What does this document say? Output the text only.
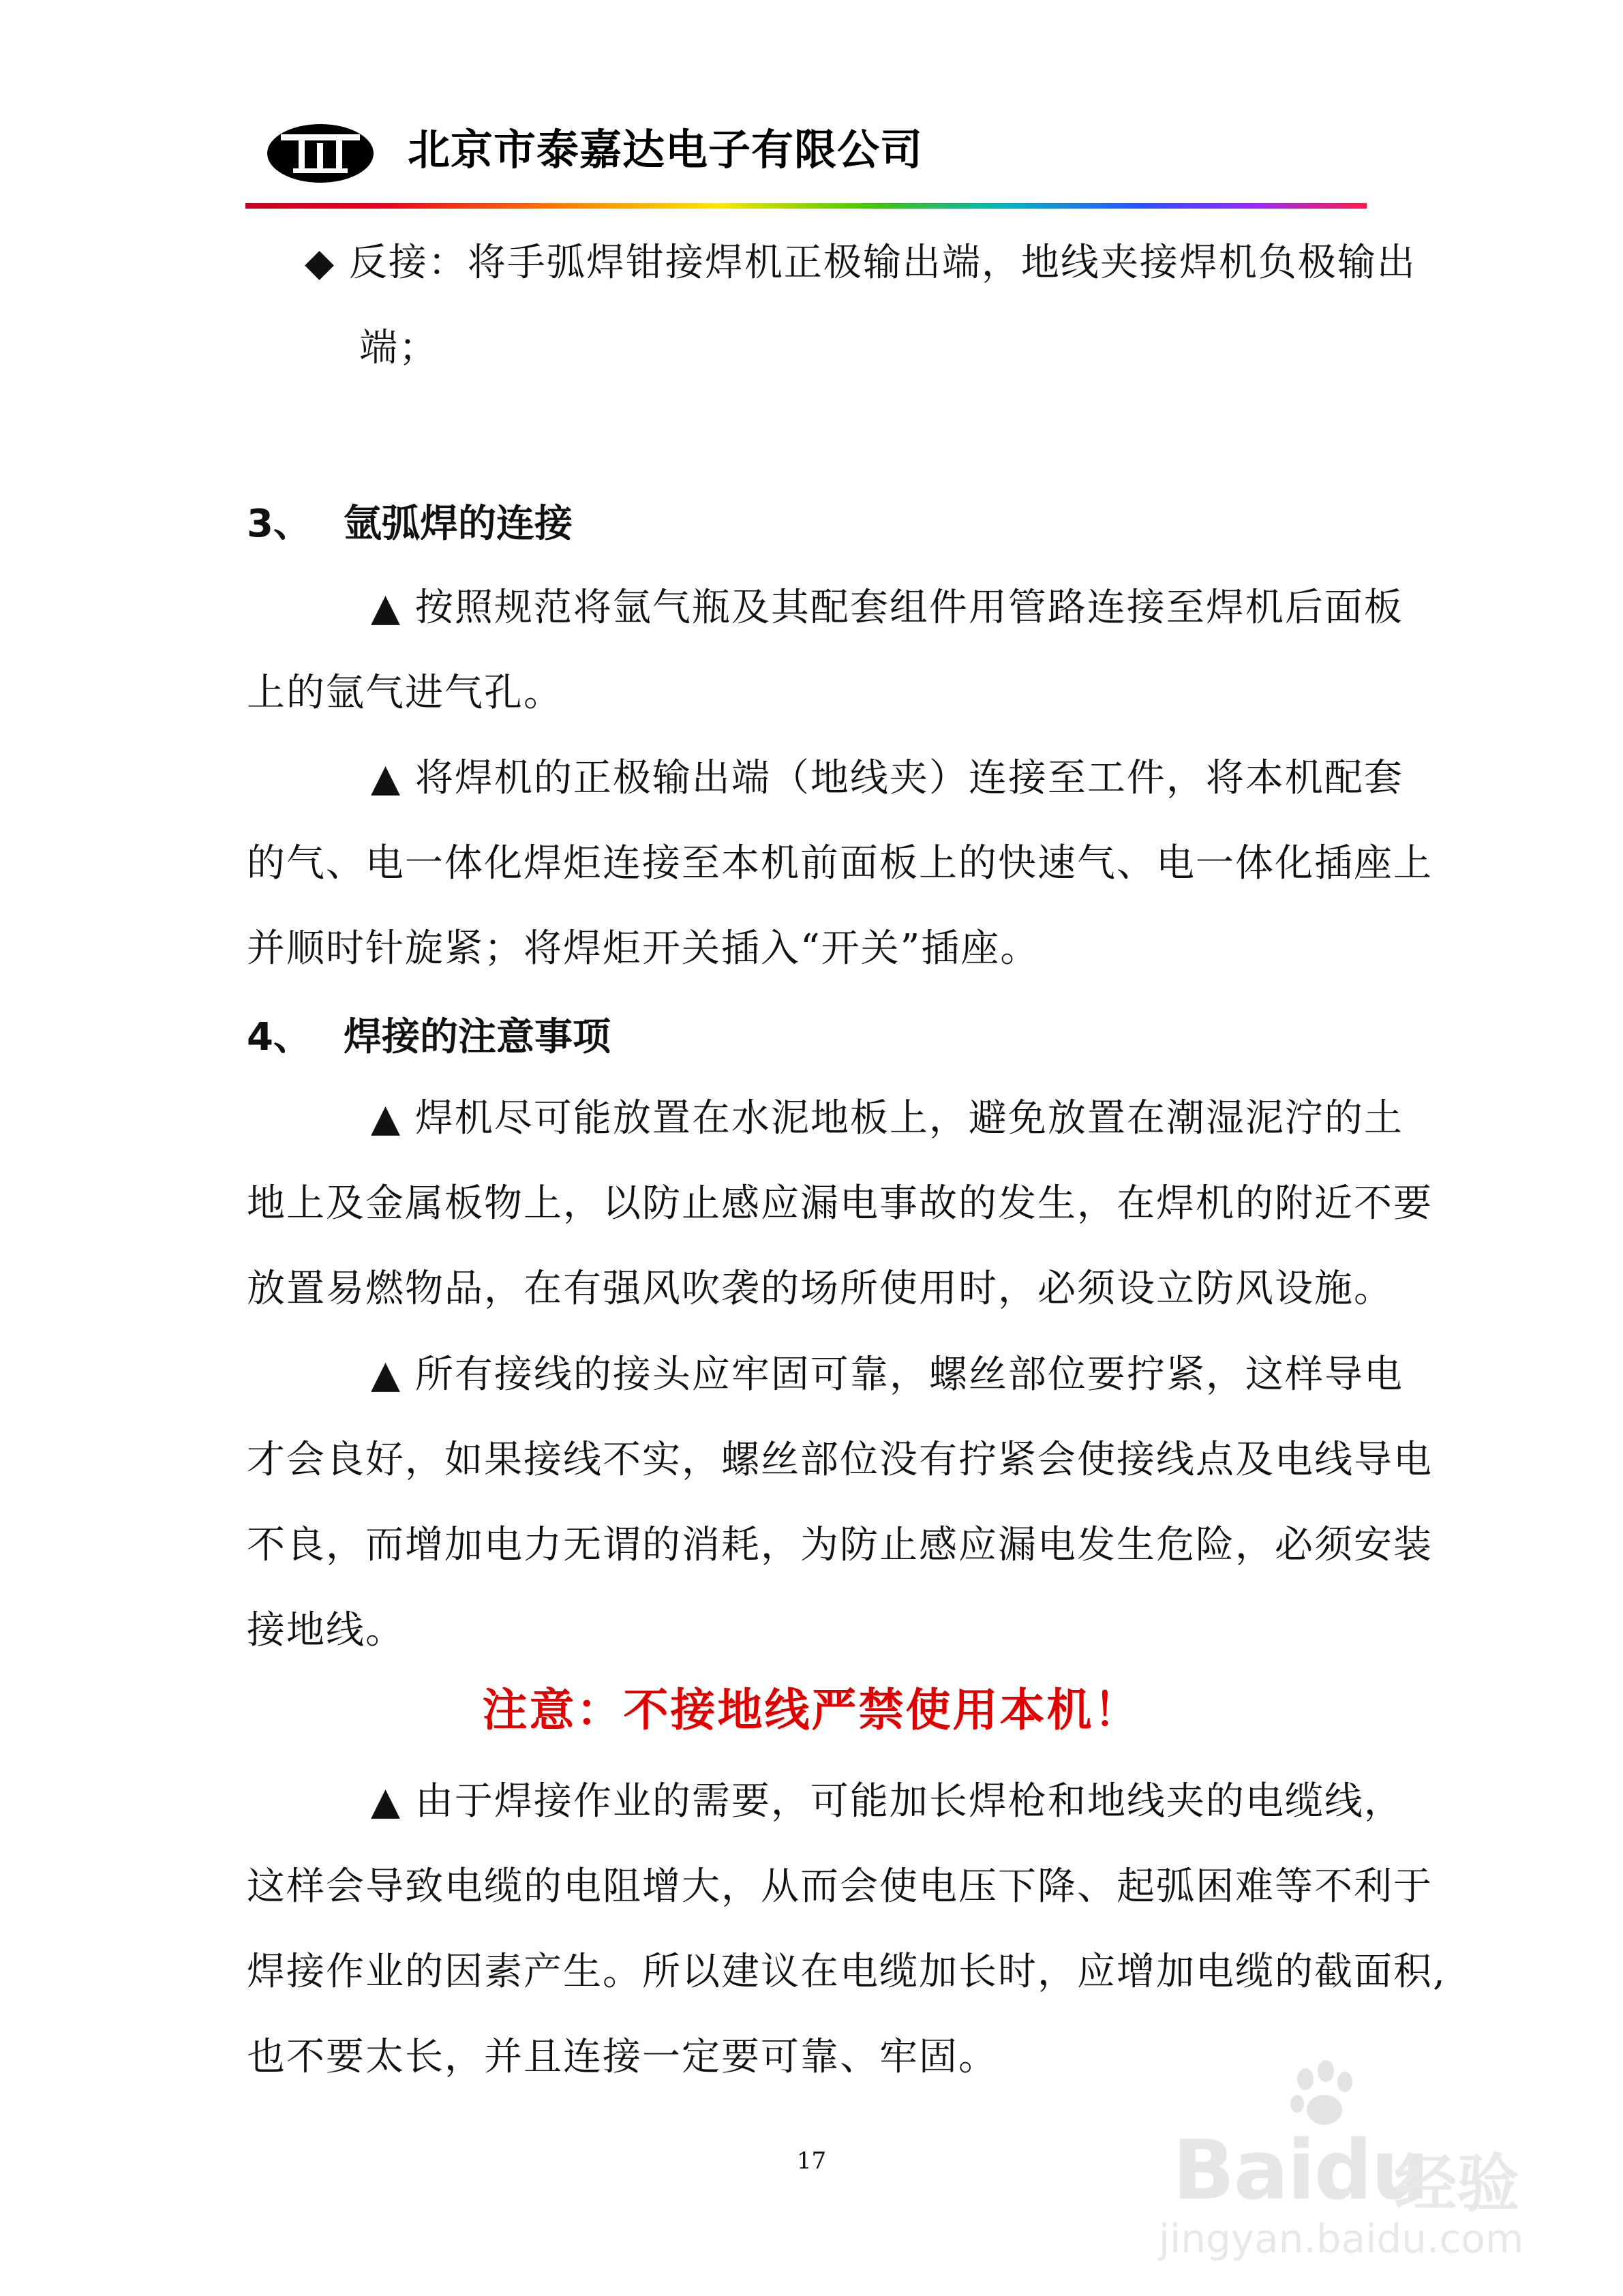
北京市泰嘉达电子有限公司
◆ 反接：将手弧焊钳接焊机正极输出端，地线夹接焊机负极输出
端；
3、 氩弧焊的连接
▲ 按照规范将氩气瓶及其配套组件用管路连接至焊机后面板
上的氩气进气孔。
▲ 将焊机的正极输出端（地线夹）连接至工件，将本机配套
的气、电一体化焊炬连接至本机前面板上的快速气、电一体化插座上
并顺时针旋紧；将焊炬开关插入“开关”插座。
4、 焊接的注意事项
▲ 焊机尽可能放置在水泥地板上，避免放置在潮湿泥泞的土
地上及金属板物上，以防止感应漏电事故的发生，在焊机的附近不要
放置易燃物品，在有强风吹袭的场所使用时，必须设立防风设施。
▲ 所有接线的接头应牢固可靠，螺丝部位要拧紧，这样导电
才会良好，如果接线不实，螺丝部位没有拧紧会使接线点及电线导电
不良，而增加电力无谓的消耗，为防止感应漏电发生危险，必须安装
接地线。
注意：不接地线严禁使用本机！
▲ 由于焊接作业的需要，可能加长焊枪和地线夹的电缆线，
这样会导致电缆的电阻增大，从而会使电压下降、起弧困难等不利于
焊接作业的因素产生。所以建议在电缆加长时，应增加电缆的截面积,
也不要太长，并且连接一定要可靠、牢固。
17	Baidu
经验
jingyan.baidu.com
